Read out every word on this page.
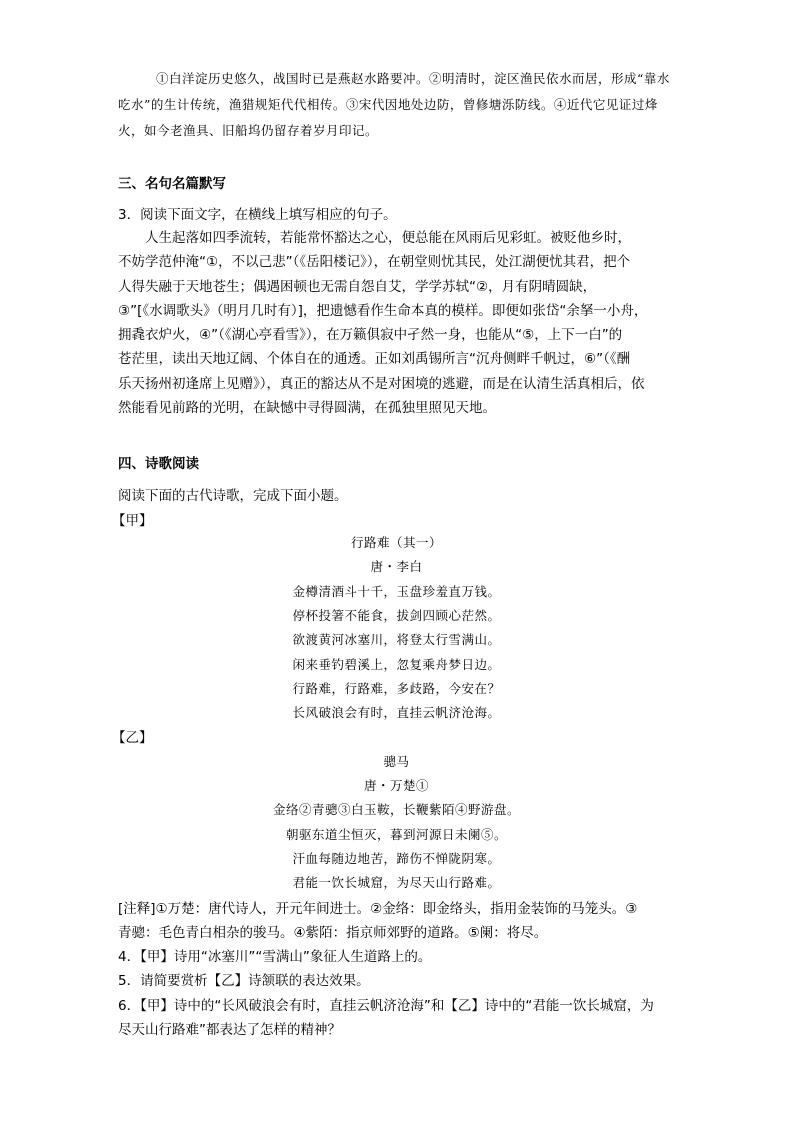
①白洋淀历史悠久，战国时已是燕赵水路要冲。②明清时，淀区渔民依水而居，形成“靠水吃水”的生计传统，渔猎规矩代代相传。③宋代因地处边防，曾修塘泺防线。④近代它见证过烽火，如今老渔具、旧船坞仍留存着岁月印记。
三、名句名篇默写
3．阅读下面文字，在横线上填写相应的句子。

人生起落如四季流转，若能常怀豁达之心，便总能在风雨后见彩虹。被贬他乡时，

不妨学范仲淹“①，不以己悲”（《岳阳楼记》），在朝堂则忧其民，处江湖便忧其君，把个

人得失融于天地苍生；偶遇困顿也无需自怨自艾，学学苏轼“②，月有阴晴圆缺，

③”[《水调歌头》（明月几时有）]，把遗憾看作生命本真的模样。即便如张岱“余拏一小舟，

拥毳衣炉火，④”（《湖心亭看雪》），在万籁俱寂中孑然一身，也能从“⑤，上下一白”的

苍茫里，读出天地辽阔、个体自在的通透。正如刘禹锡所言“沉舟侧畔千帆过，⑥”（《酬

乐天扬州初逢席上见赠》），真正的豁达从不是对困境的逃避，而是在认清生活真相后，依

然能看见前路的光明，在缺憾中寻得圆满，在孤独里照见天地。

四、诗歌阅读
阅读下面的古代诗歌，完成下面小题。
【甲】
行路难（其一）
唐・李白
金樽清酒斗十千，玉盘珍羞直万钱。
停杯投箸不能食，拔剑四顾心茫然。
欲渡黄河冰塞川，将登太行雪满山。
闲来垂钓碧溪上，忽复乘舟梦日边。
行路难，行路难，多歧路，今安在？
长风破浪会有时，直挂云帆济沧海。
【乙】
骢马
唐・万楚①
金络②青骢③白玉鞍，长鞭紫陌④野游盘。
朝驱东道尘恒灭，暮到河源日未阑⑤。
汗血每随边地苦，蹄伤不惮陇阴寒。
君能一饮长城窟，为尽天山行路难。
[注释]①万楚：唐代诗人，开元年间进士。②金络：即金络头，指用金装饰的马笼头。③
青骢：毛色青白相杂的骏马。④紫陌：指京师郊野的道路。⑤阑：将尽。
4．【甲】诗用“冰塞川”“雪满山”象征人生道路上的。
5．请简要赏析【乙】诗颔联的表达效果。
6．【甲】诗中的“长风破浪会有时，直挂云帆济沧海”和【乙】诗中的“君能一饮长城窟，为
尽天山行路难”都表达了怎样的精神？
